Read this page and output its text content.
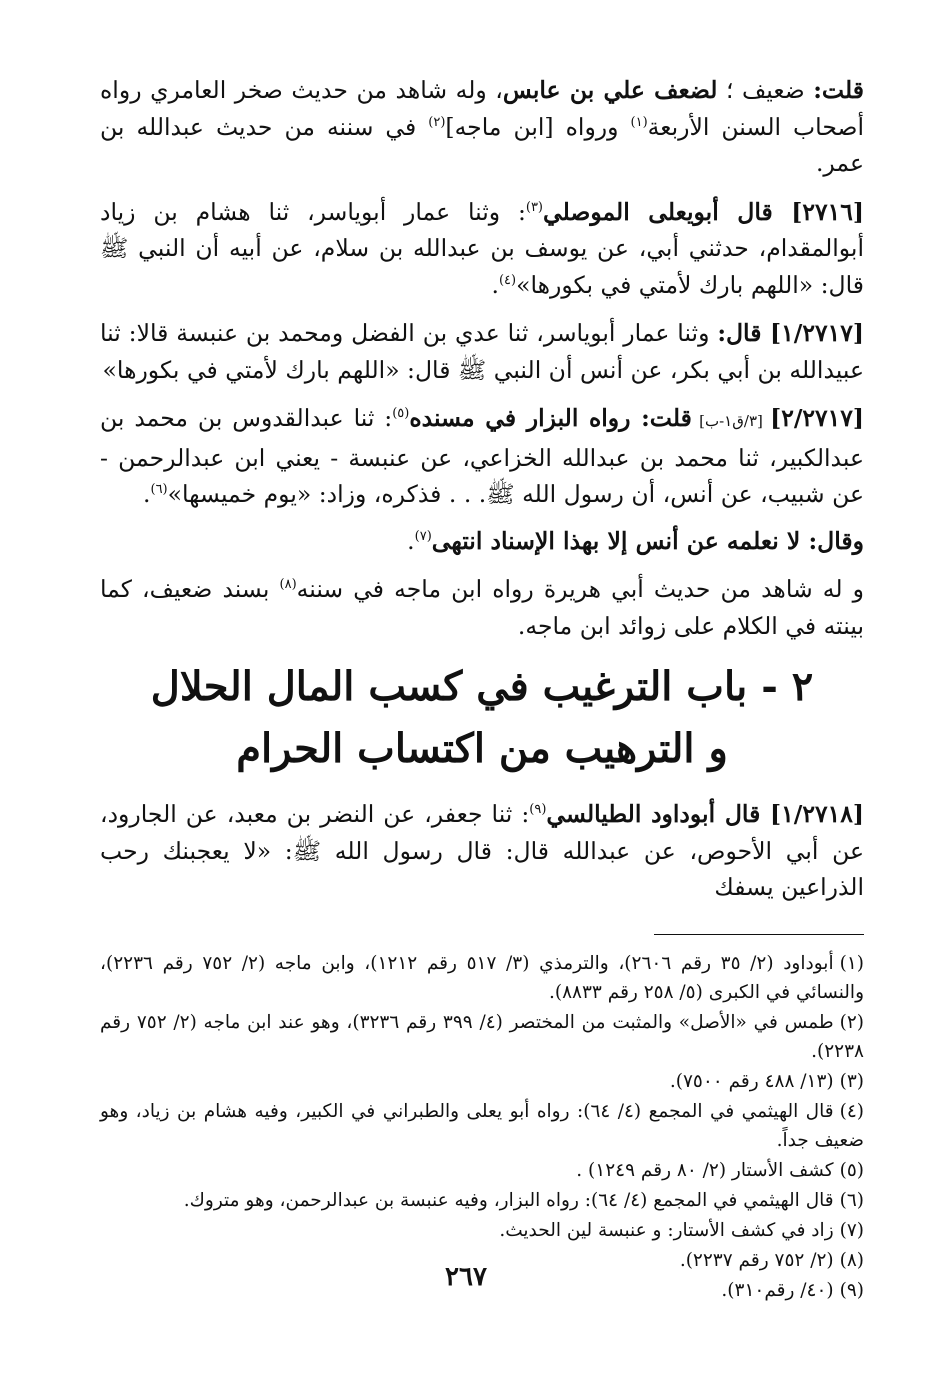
قلت: ضعيف ؛ لضعف علي بن عابس، وله شاهد من حديث صخر العامري رواه أصحاب السنن الأربعة$^{(١)}$ ورواه [ابن ماجه]$^{(٢)}$ في سننه من حديث عبدالله بن عمر.

[٢٧١٦] قال أبويعلى الموصلي$^{(٣)}$: وثنا عمار أبوياسر، ثنا هشام بن زياد أبوالمقدام، حدثني أبي، عن يوسف بن عبدالله بن سلام، عن أبيه أن النبي ﷺ قال: «اللهم بارك لأمتي في بكورها»$^{(٤)}$.

[١/٢٧١٧] قال: وثنا عمار أبوياسر، ثنا عدي بن الفضل ومحمد بن عنبسة قالا: ثنا عبيدالله بن أبي بكر، عن أنس أن النبي ﷺ قال: «اللهم بارك لأمتي في بكورها»

[٢/٢٧١٧] [٣/ق١-ب] قلت: رواه البزار في مسنده$^{(٥)}$: ثنا عبدالقدوس بن محمد بن عبدالكبير، ثنا محمد بن عبدالله الخزاعي، عن عنبسة - يعني ابن عبدالرحمن - عن شبيب، عن أنس، أن رسول الله ﷺ. . . فذكره، وزاد: «يوم خميسها»$^{(٦)}$.

وقال: لا نعلمه عن أنس إلا بهذا الإسناد انتهى$^{(٧)}$.

و له شاهد من حديث أبي هريرة رواه ابن ماجه في سننه$^{(٨)}$ بسند ضعيف، كما بينته في الكلام على زوائد ابن ماجه.

٢ - باب الترغيب في كسب المال الحلال
و الترهيب من اكتساب الحرام

[١/٢٧١٨] قال أبوداود الطيالسي$^{(٩)}$: ثنا جعفر، عن النضر بن معبد، عن الجارود، عن أبي الأحوص، عن عبدالله قال: قال رسول الله ﷺ: «لا يعجبنك رحب الذراعين يسفك

(١)أبوداود (٢/ ٣٥ رقم ٢٦٠٦)، والترمذي (٣/ ٥١٧ رقم ١٢١٢)، وابن ماجه (٢/ ٧٥٢ رقم ٢٢٣٦)، والنسائي في الكبرى (٥/ ٢٥٨ رقم ٨٨٣٣).

(٢)طمس في «الأصل» والمثبت من المختصر (٤/ ٣٩٩ رقم ٣٢٣٦)، وهو عند ابن ماجه (٢/ ٧٥٢ رقم ٢٢٣٨).

(٣)(١٣/ ٤٨٨ رقم ٧٥٠٠).

(٤)قال الهيثمي في المجمع (٤/ ٦٤): رواه أبو يعلى والطبراني في الكبير، وفيه هشام بن زياد، وهو ضعيف جداً.

(٥)كشف الأستار (٢/ ٨٠ رقم ١٢٤٩) .

(٦)قال الهيثمي في المجمع (٤/ ٦٤): رواه البزار، وفيه عنبسة بن عبدالرحمن، وهو متروك.

(٧)زاد في كشف الأستار: و عنبسة لين الحديث.

(٨)(٢/ ٧٥٢ رقم ٢٢٣٧).

(٩)(٤٠/ رقم٣١٠).

٢٦٧
